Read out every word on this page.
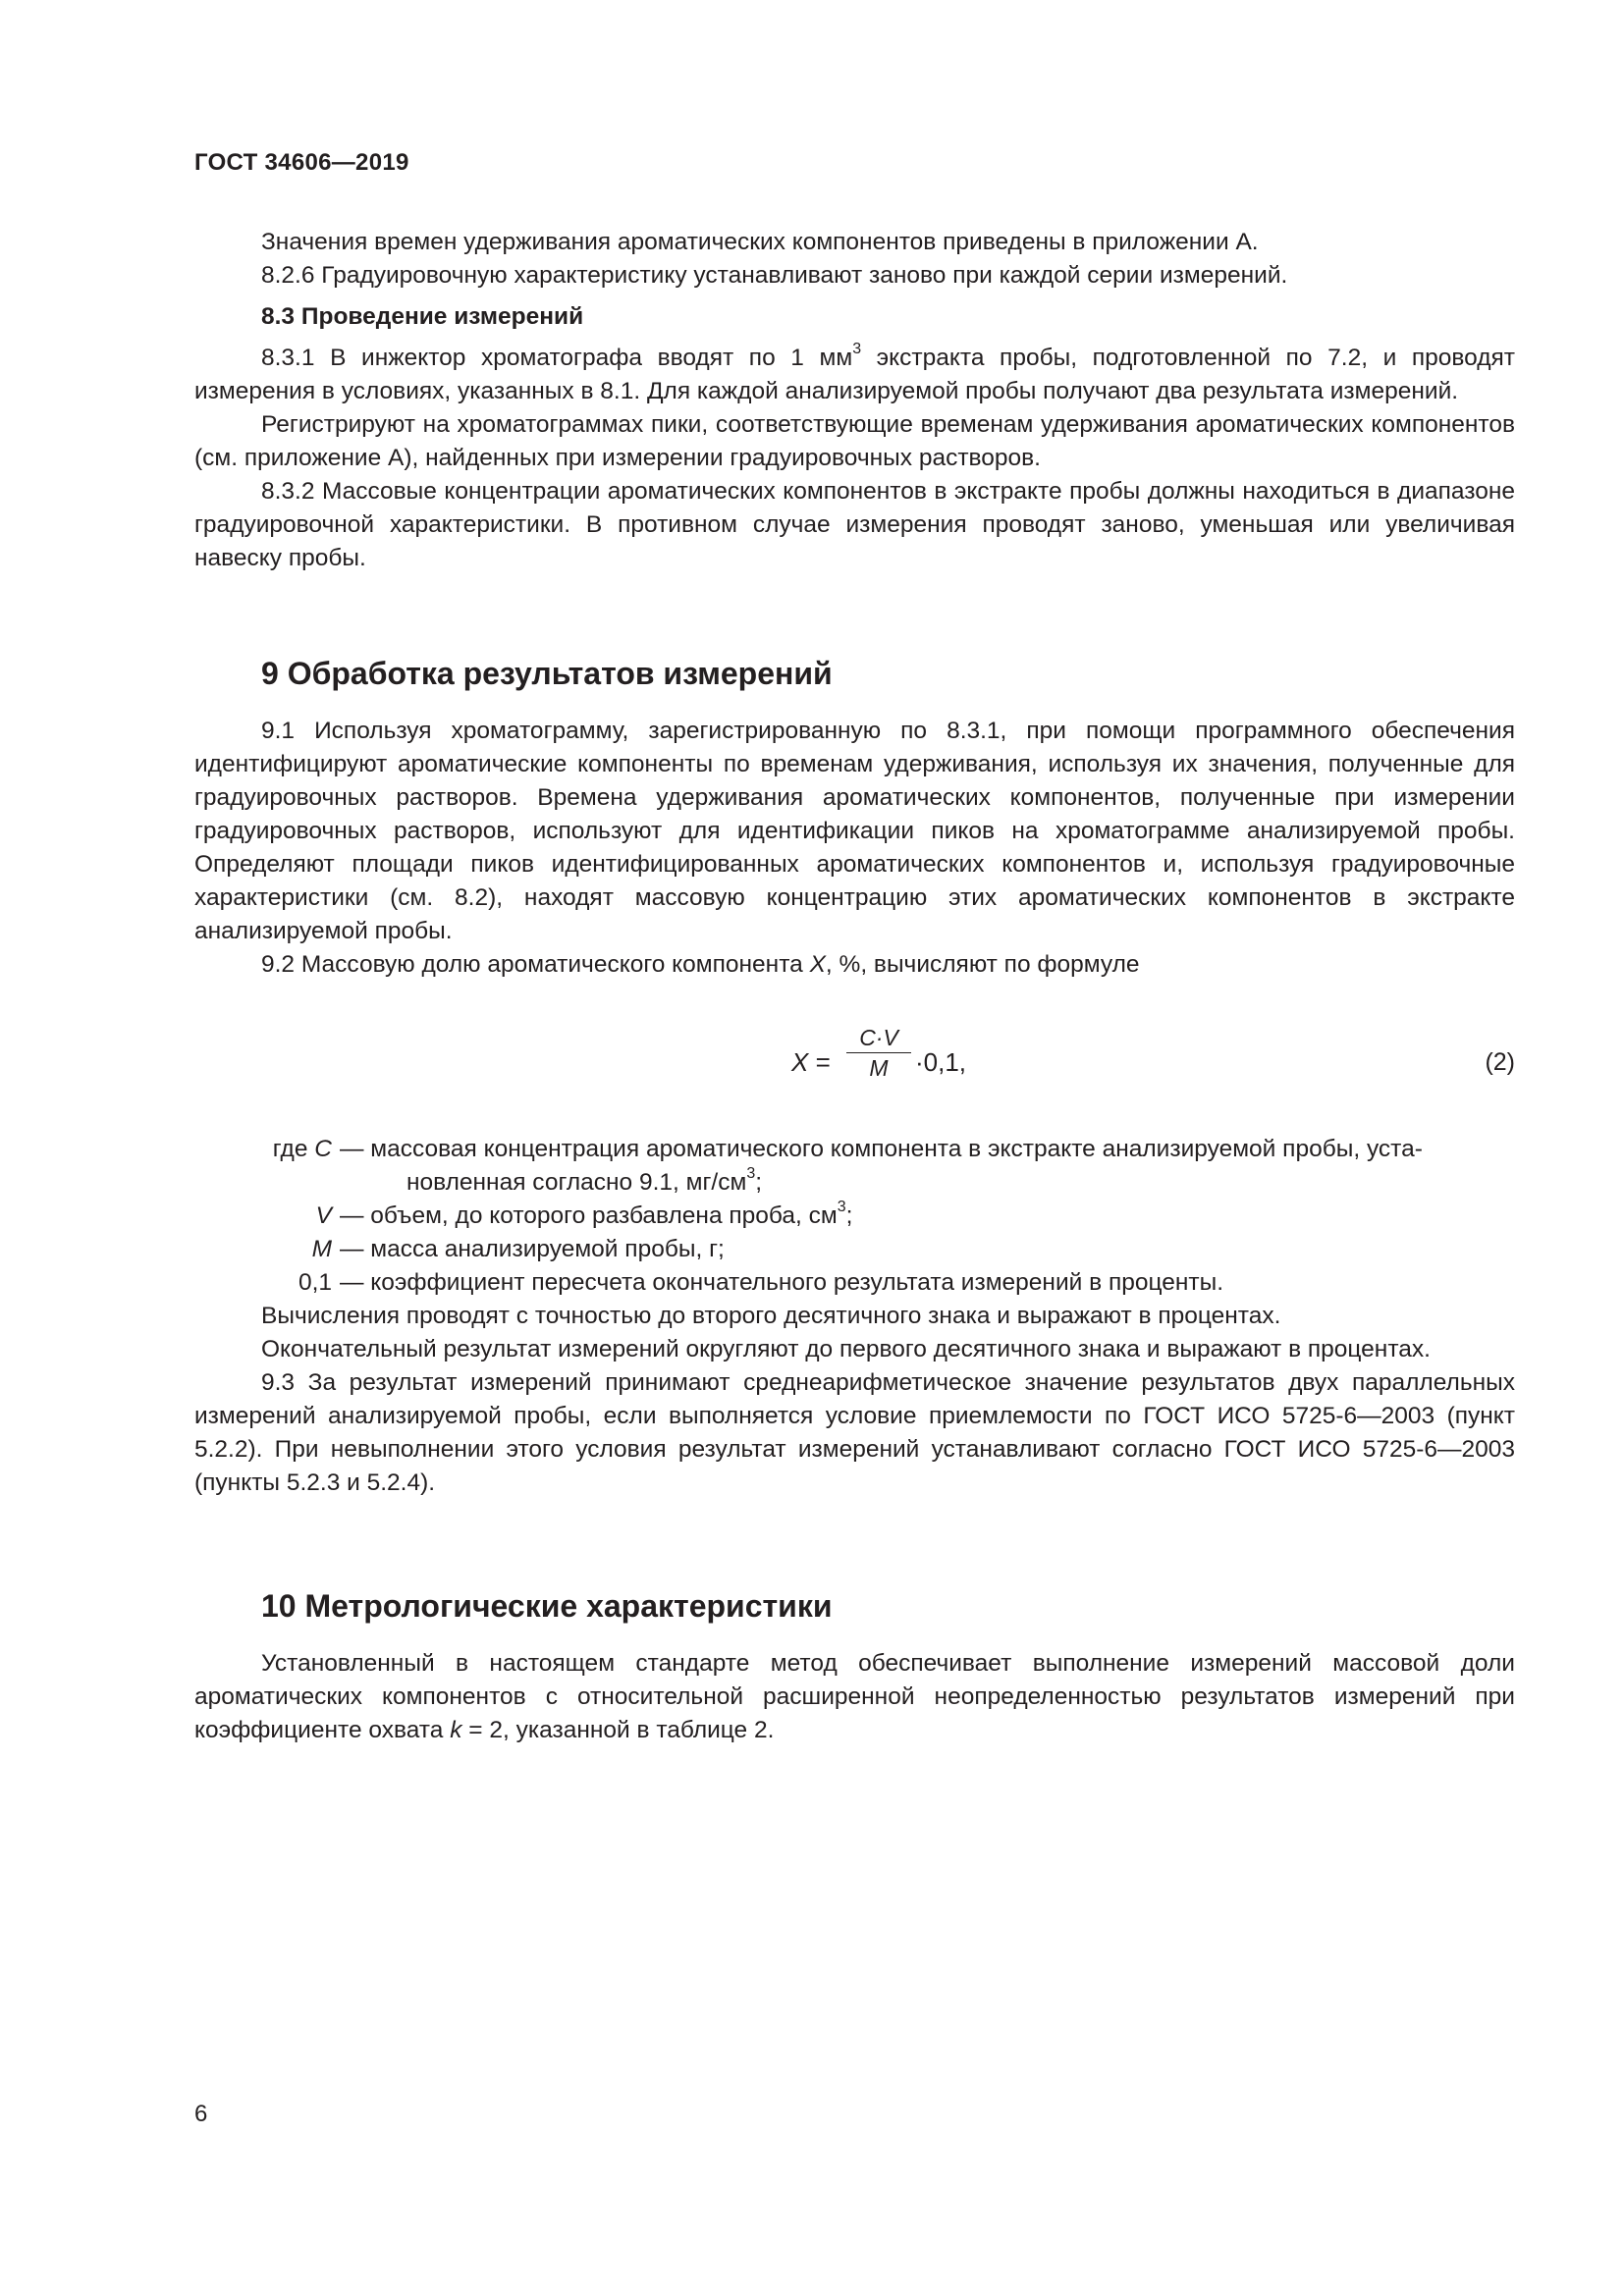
ГОСТ 34606—2019

Значения времен удерживания ароматических компонентов приведены в приложении А.

8.2.6 Градуировочную характеристику устанавливают заново при каждой серии измерений.

8.3 Проведение измерений

8.3.1 В инжектор хроматографа вводят по 1 $мм^3$ экстракта пробы, подготовленной по 7.2, и проводят измерения в условиях, указанных в 8.1. Для каждой анализируемой пробы получают два результата измерений.

Регистрируют на хроматограммах пики, соответствующие временам удерживания ароматических компонентов (см. приложение А), найденных при измерении градуировочных растворов.

8.3.2 Массовые концентрации ароматических компонентов в экстракте пробы должны находиться в диапазоне градуировочной характеристики. В противном случае измерения проводят заново, уменьшая или увеличивая навеску пробы.

9 Обработка результатов измерений

9.1 Используя хроматограмму, зарегистрированную по 8.3.1, при помощи программного обеспечения идентифицируют ароматические компоненты по временам удерживания, используя их значения, полученные для градуировочных растворов. Времена удерживания ароматических компонентов, полученные при измерении градуировочных растворов, используют для идентификации пиков на хроматограмме анализируемой пробы. Определяют площади пиков идентифицированных ароматических компонентов и, используя градуировочные характеристики (см. 8.2), находят массовую концентрацию этих ароматических компонентов в экстракте анализируемой пробы.

9.2 Массовую долю ароматического компонента X, %, вычисляют по формуле

X =
C·V
M	·0,1,	(2)
где C — массовая концентрация ароматического компонента в экстракте анализируемой пробы, уста-
новленная согласно 9.1, $мг/см^3$;
V — объем, до которого разбавлена проба, $см^3$;
M — масса анализируемой пробы, г;
0,1 — коэффициент пересчета окончательного результата измерений в проценты.

Вычисления проводят с точностью до второго десятичного знака и выражают в процентах.

Окончательный результат измерений округляют до первого десятичного знака и выражают в процентах.

9.3 За результат измерений принимают среднеарифметическое значение результатов двух параллельных измерений анализируемой пробы, если выполняется условие приемлемости по ГОСТ ИСО 5725-6—2003 (пункт 5.2.2). При невыполнении этого условия результат измерений устанавливают согласно ГОСТ ИСО 5725-6—2003 (пункты 5.2.3 и 5.2.4).

10 Метрологические характеристики

Установленный в настоящем стандарте метод обеспечивает выполнение измерений массовой доли ароматических компонентов с относительной расширенной неопределенностью результатов измерений при коэффициенте охвата k = 2, указанной в таблице 2.

6
